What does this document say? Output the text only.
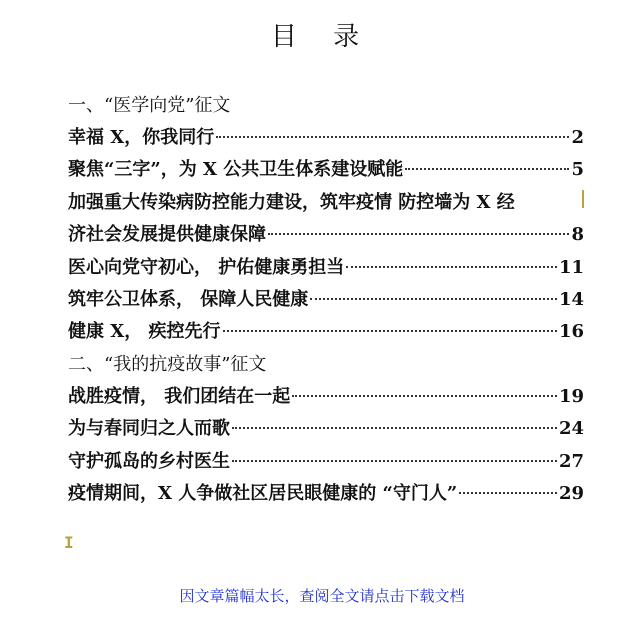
目 录
一、“医学向党”征文
幸福 X，你我同行	2
聚焦“三字”，为 X 公共卫生体系建设赋能	5
加强重大传染病防控能力建设，筑牢疫情 防控墙为 X 经
济社会发展提供健康保障	8
医心向党守初心， 护佑健康勇担当	11
筑牢公卫体系， 保障人民健康	14
健康 X， 疾控先行	16
二、“我的抗疫故事”征文
战胜疫情， 我们团结在一起	19
为与春同归之人而歌	24
守护孤岛的乡村医生	27
疫情期间，X 人争做社区居民眼健康的 “守门人”	29
I
因文章篇幅太长，查阅全文请点击下载文档
